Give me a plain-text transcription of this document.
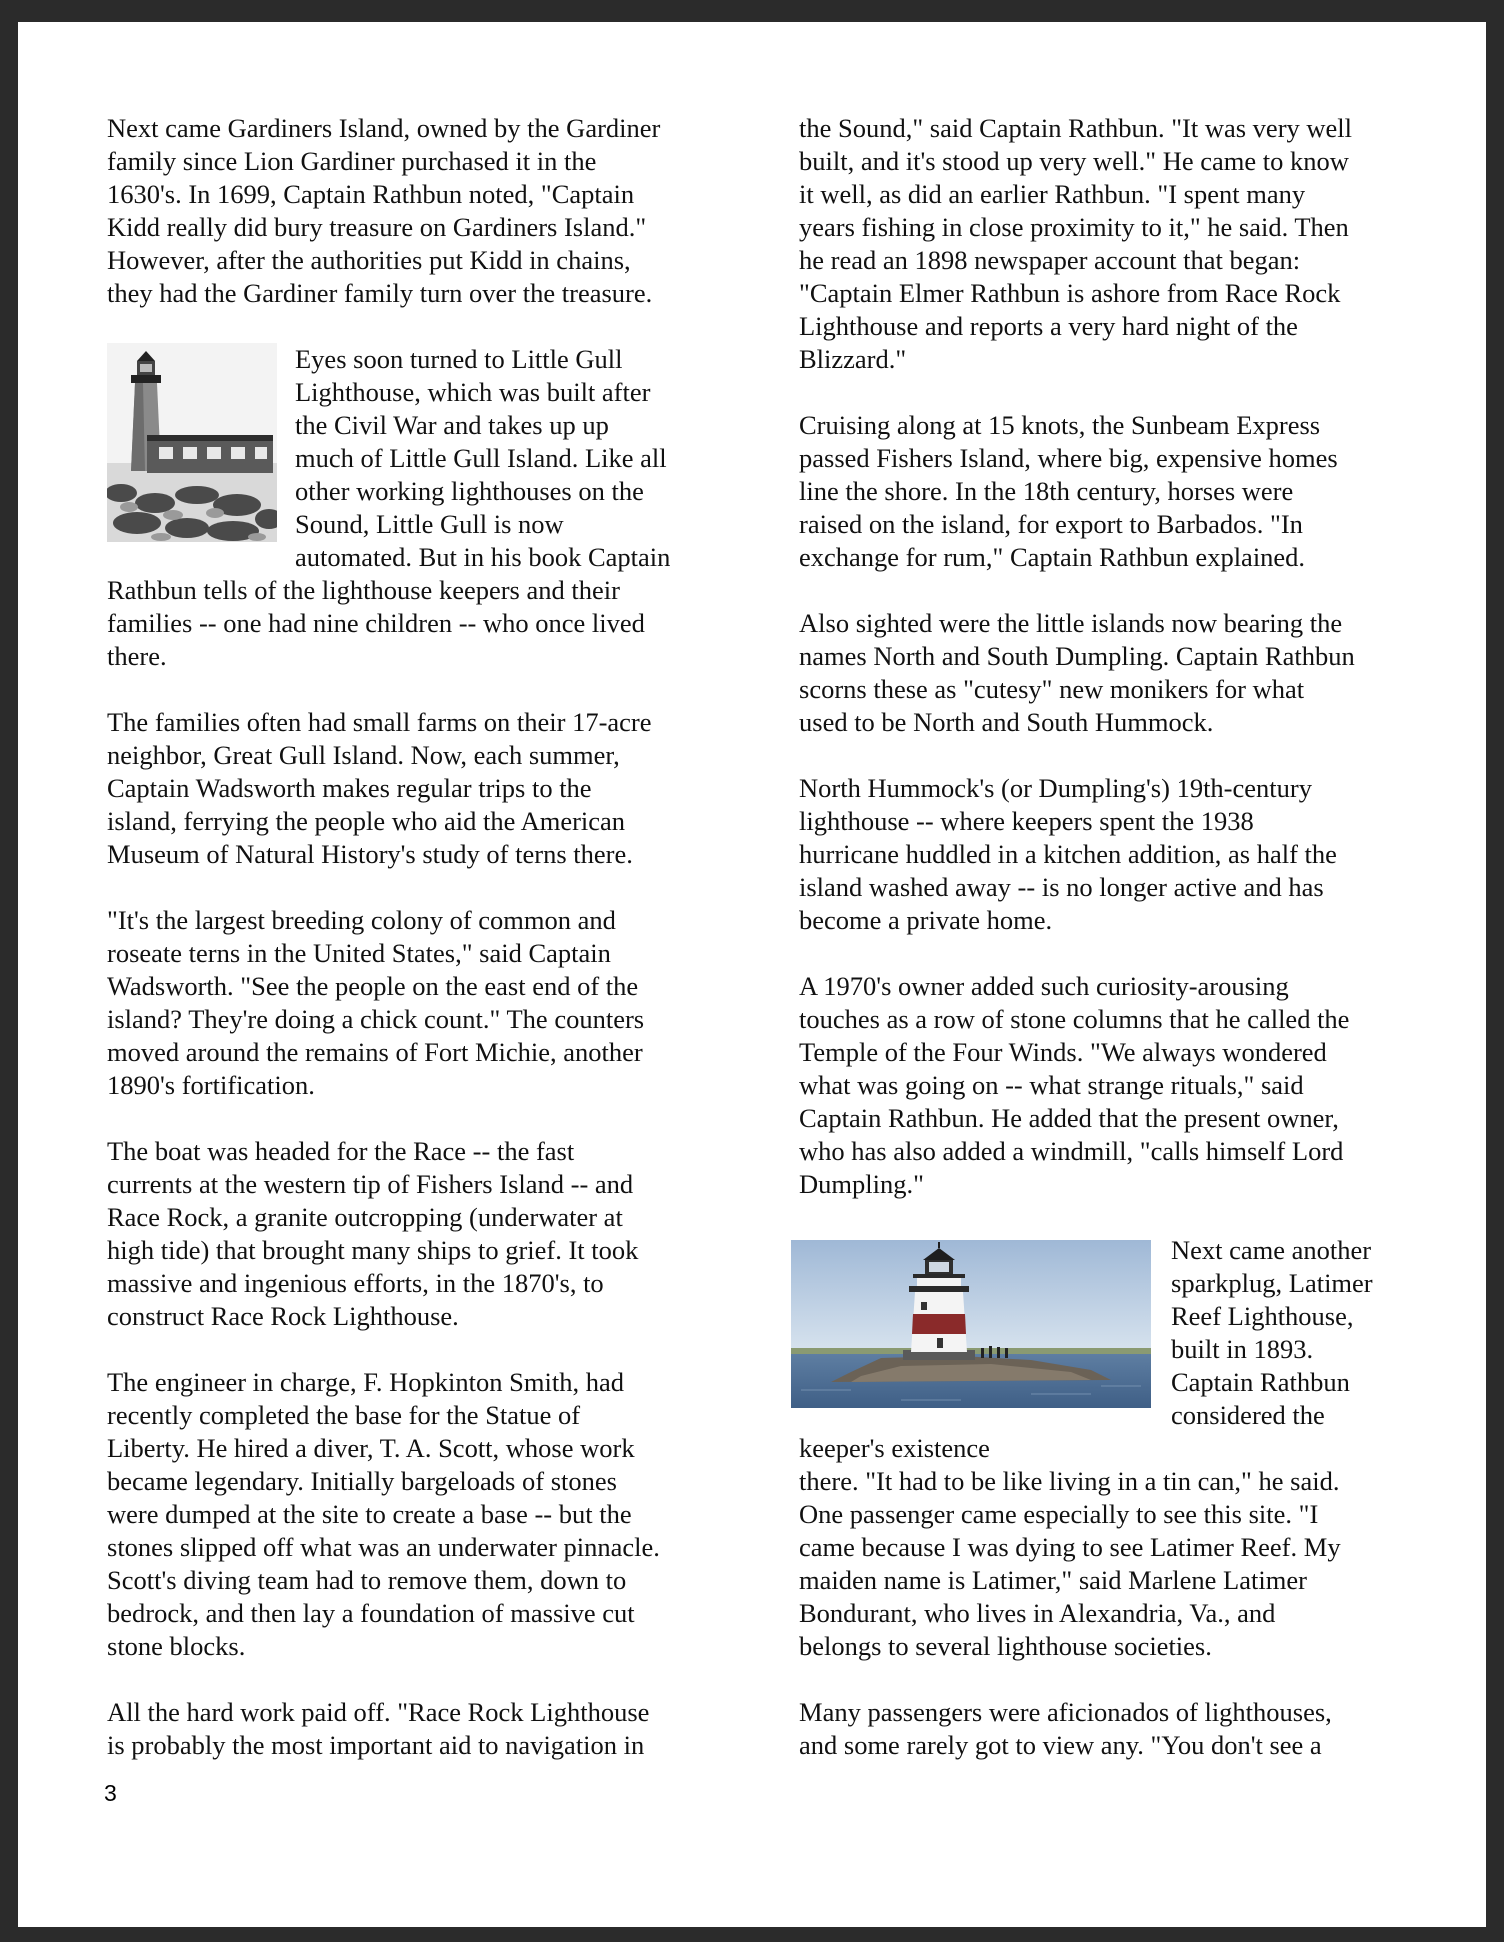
Next came Gardiners Island, owned by the Gardiner
family since Lion Gardiner purchased it in the
1630's. In 1699, Captain Rathbun noted, "Captain
Kidd really did bury treasure on Gardiners Island."
However, after the authorities put Kidd in chains,
they had the Gardiner family turn over the treasure.

Eyes soon turned to Little Gull
Lighthouse, which was built after
the Civil War and takes up up
much of Little Gull Island. Like all
other working lighthouses on the
Sound, Little Gull is now
automated. But in his book Captain
Rathbun tells of the lighthouse keepers and their
families -- one had nine children -- who once lived
there.

The families often had small farms on their 17-acre
neighbor, Great Gull Island. Now, each summer,
Captain Wadsworth makes regular trips to the
island, ferrying the people who aid the American
Museum of Natural History's study of terns there.

"It's the largest breeding colony of common and
roseate terns in the United States," said Captain
Wadsworth. "See the people on the east end of the
island? They're doing a chick count." The counters
moved around the remains of Fort Michie, another
1890's fortification.

The boat was headed for the Race -- the fast
currents at the western tip of Fishers Island -- and
Race Rock, a granite outcropping (underwater at
high tide) that brought many ships to grief. It took
massive and ingenious efforts, in the 1870's, to
construct Race Rock Lighthouse.

The engineer in charge, F. Hopkinton Smith, had
recently completed the base for the Statue of
Liberty. He hired a diver, T. A. Scott, whose work
became legendary. Initially bargeloads of stones
were dumped at the site to create a base -- but the
stones slipped off what was an underwater pinnacle.
Scott's diving team had to remove them, down to
bedrock, and then lay a foundation of massive cut
stone blocks.

All the hard work paid off. "Race Rock Lighthouse
is probably the most important aid to navigation in

the Sound," said Captain Rathbun. "It was very well
built, and it's stood up very well." He came to know
it well, as did an earlier Rathbun. "I spent many
years fishing in close proximity to it," he said. Then
he read an 1898 newspaper account that began:
"Captain Elmer Rathbun is ashore from Race Rock
Lighthouse and reports a very hard night of the
Blizzard."

Cruising along at 15 knots, the Sunbeam Express
passed Fishers Island, where big, expensive homes
line the shore. In the 18th century, horses were
raised on the island, for export to Barbados. "In
exchange for rum," Captain Rathbun explained.

Also sighted were the little islands now bearing the
names North and South Dumpling. Captain Rathbun
scorns these as "cutesy" new monikers for what
used to be North and South Hummock.

North Hummock's (or Dumpling's) 19th-century
lighthouse -- where keepers spent the 1938
hurricane huddled in a kitchen addition, as half the
island washed away -- is no longer active and has
become a private home.

A 1970's owner added such curiosity-arousing
touches as a row of stone columns that he called the
Temple of the Four Winds. "We always wondered
what was going on -- what strange rituals," said
Captain Rathbun. He added that the present owner,
who has also added a windmill, "calls himself Lord
Dumpling."

Next came another
sparkplug, Latimer
Reef Lighthouse,
built in 1893.
Captain Rathbun
considered the
keeper's existence
there. "It had to be like living in a tin can," he said.
One passenger came especially to see this site. "I
came because I was dying to see Latimer Reef. My
maiden name is Latimer," said Marlene Latimer
Bondurant, who lives in Alexandria, Va., and
belongs to several lighthouse societies.

Many passengers were aficionados of lighthouses,
and some rarely got to view any. "You don't see a

3
